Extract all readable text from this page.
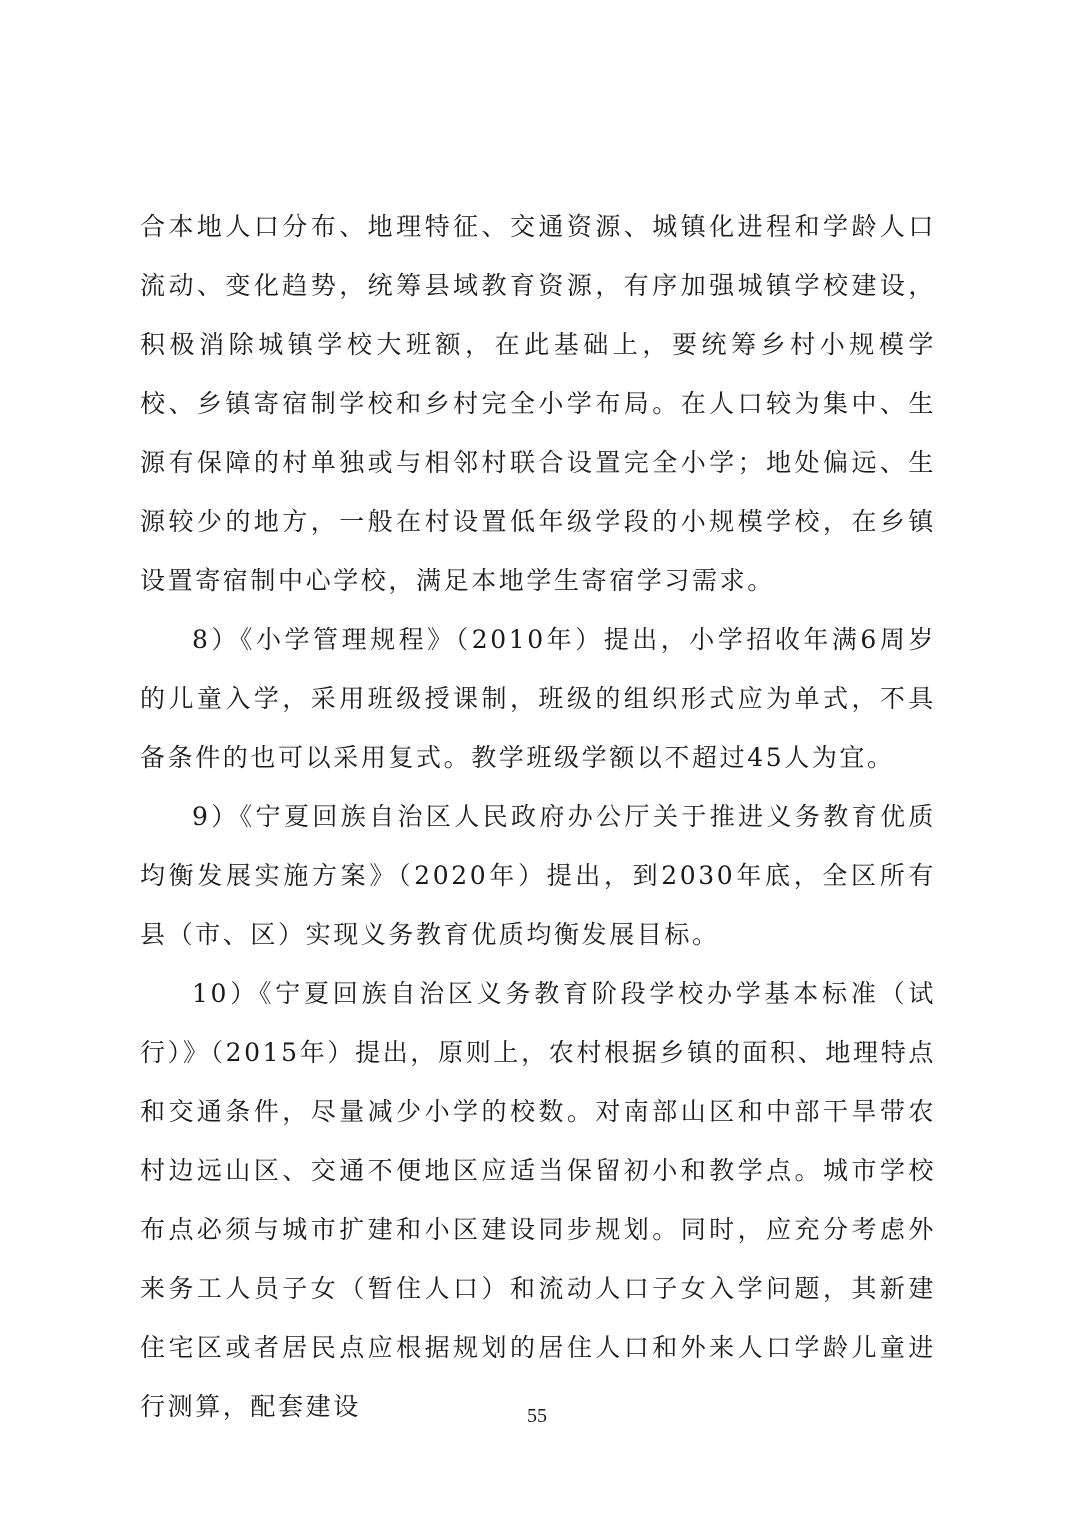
合本地人口分布、地理特征、交通资源、城镇化进程和学龄人口流动、变化趋势，统筹县域教育资源，有序加强城镇学校建设，积极消除城镇学校大班额，在此基础上，要统筹乡村小规模学校、乡镇寄宿制学校和乡村完全小学布局。在人口较为集中、生源有保障的村单独或与相邻村联合设置完全小学；地处偏远、生源较少的地方，一般在村设置低年级学段的小规模学校，在乡镇设置寄宿制中心学校，满足本地学生寄宿学习需求。

8）《小学管理规程》（2010年）提出，小学招收年满6周岁的儿童入学，采用班级授课制，班级的组织形式应为单式，不具备条件的也可以采用复式。教学班级学额以不超过45人为宜。

9）《宁夏回族自治区人民政府办公厅关于推进义务教育优质均衡发展实施方案》（2020年）提出，到2030年底，全区所有县（市、区）实现义务教育优质均衡发展目标。

10）《宁夏回族自治区义务教育阶段学校办学基本标准（试行）》（2015年）提出，原则上，农村根据乡镇的面积、地理特点和交通条件，尽量减少小学的校数。对南部山区和中部干旱带农村边远山区、交通不便地区应适当保留初小和教学点。城市学校布点必须与城市扩建和小区建设同步规划。同时，应充分考虑外来务工人员子女（暂住人口）和流动人口子女入学问题，其新建住宅区或者居民点应根据规划的居住人口和外来人口学龄儿童进行测算，配套建设	55
